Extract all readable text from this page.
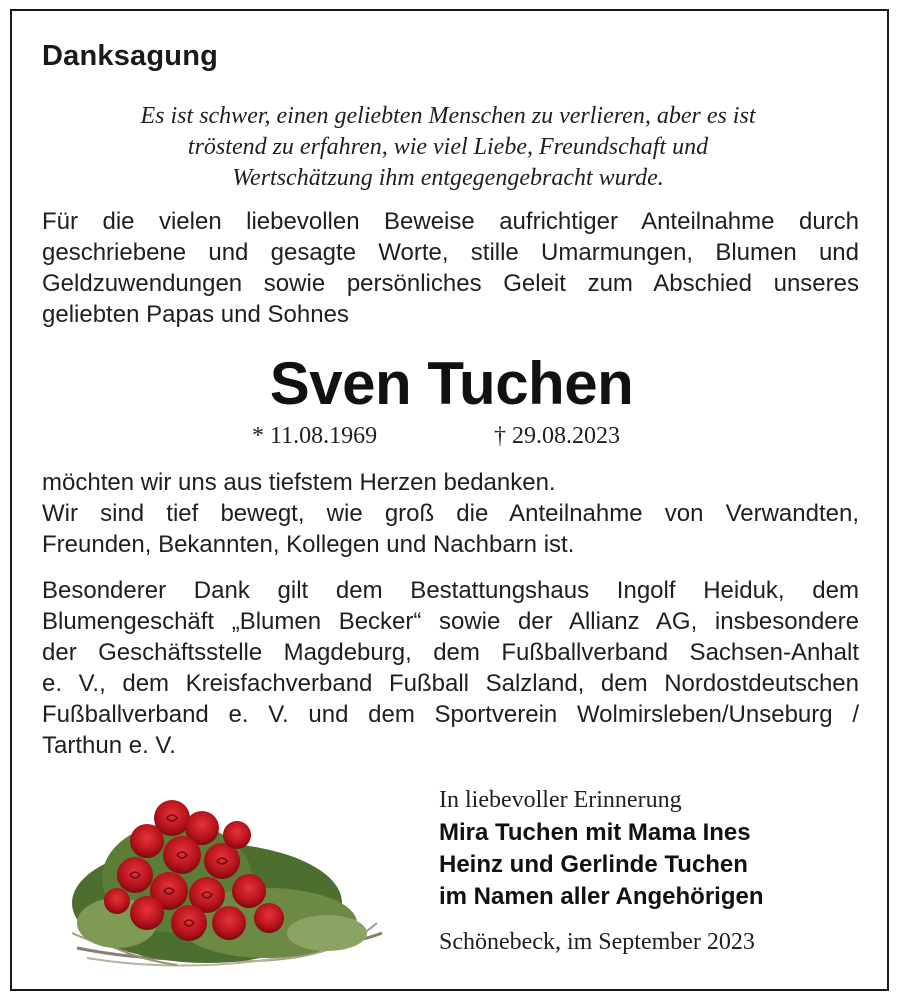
Danksagung
Es ist schwer, einen geliebten Menschen zu verlieren, aber es ist
tröstend zu erfahren, wie viel Liebe, Freundschaft und
Wertschätzung ihm entgegengebracht wurde.
Für die vielen liebevollen Beweise aufrichtiger Anteilnahme durch
geschriebene und gesagte Worte, stille Umarmungen, Blumen und
Geldzuwendungen sowie persönliches Geleit zum Abschied unseres
geliebten Papas und Sohnes
Sven Tuchen
* 11.08.1969	† 29.08.2023
möchten wir uns aus tiefstem Herzen bedanken.
Wir sind tief bewegt, wie groß die Anteilnahme von Verwandten,
Freunden, Bekannten, Kollegen und Nachbarn ist.
Besonderer Dank gilt dem Bestattungshaus Ingolf Heiduk, dem
Blumengeschäft „Blumen Becker“ sowie der Allianz AG, insbesondere
der Geschäftsstelle Magdeburg, dem Fußballverband Sachsen-Anhalt
e. V., dem Kreisfachverband Fußball Salzland, dem Nordostdeutschen
Fußballverband e. V. und dem Sportverein Wolmirsleben/Unseburg /
Tarthun e. V.
In liebevoller Erinnerung
Mira Tuchen mit Mama Ines
Heinz und Gerlinde Tuchen
im Namen aller Angehörigen
Schönebeck, im September 2023
